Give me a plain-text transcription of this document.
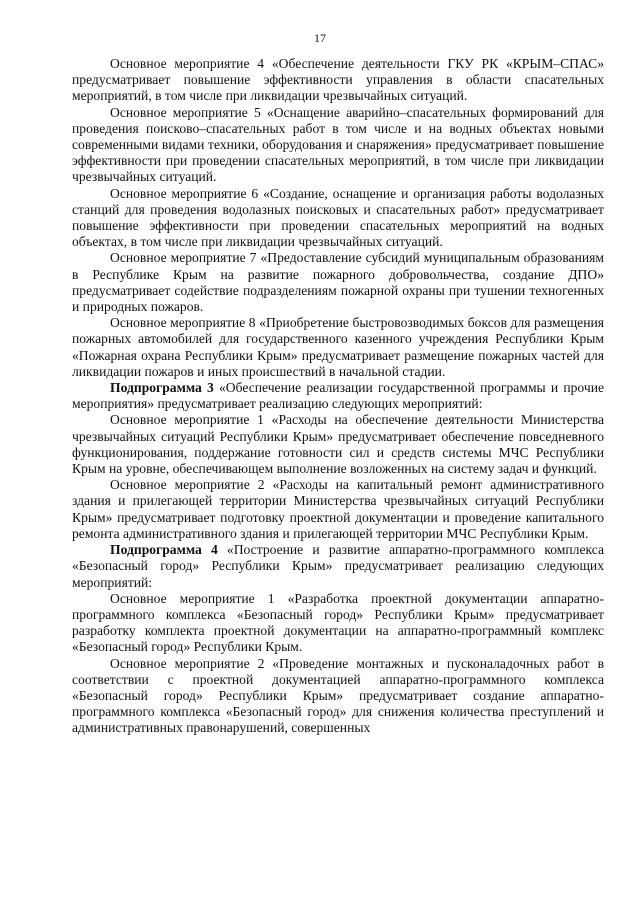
17

Основное мероприятие 4 «Обеспечение деятельности ГКУ РК «КРЫМ–СПАС» предусматривает повышение эффективности управления в области спасательных мероприятий, в том числе при ликвидации чрезвычайных ситуаций.

Основное мероприятие 5 «Оснащение аварийно–спасательных формирований для проведения поисково–спасательных работ в том числе и на водных объектах новыми современными видами техники, оборудования и снаряжения» предусматривает повышение эффективности при проведении спасательных мероприятий, в том числе при ликвидации чрезвычайных ситуаций.

Основное мероприятие 6 «Создание, оснащение и организация работы водолазных станций для проведения водолазных поисковых и спасательных работ» предусматривает повышение эффективности при проведении спасательных мероприятий на водных объектах, в том числе при ликвидации чрезвычайных ситуаций.

Основное мероприятие 7 «Предоставление субсидий муниципальным образованиям в Республике Крым на развитие пожарного добровольчества, создание ДПО» предусматривает содействие подразделениям пожарной охраны при тушении техногенных и природных пожаров.

Основное мероприятие 8 «Приобретение быстровозводимых боксов для размещения пожарных автомобилей для государственного казенного учреждения Республики Крым «Пожарная охрана Республики Крым» предусматривает размещение пожарных частей для ликвидации пожаров и иных происшествий в начальной стадии.

Подпрограмма 3 «Обеспечение реализации государственной программы и прочие мероприятия» предусматривает реализацию следующих мероприятий:

Основное мероприятие 1 «Расходы на обеспечение деятельности Министерства чрезвычайных ситуаций Республики Крым» предусматривает обеспечение повседневного функционирования, поддержание готовности сил и средств системы МЧС Республики Крым на уровне, обеспечивающем выполнение возложенных на систему задач и функций.

Основное мероприятие 2 «Расходы на капитальный ремонт административного здания и прилегающей территории Министерства чрезвычайных ситуаций Республики Крым» предусматривает подготовку проектной документации и проведение капитального ремонта административного здания и прилегающей территории МЧС Республики Крым.

Подпрограмма 4 «Построение и развитие аппаратно-программного комплекса «Безопасный город» Республики Крым» предусматривает реализацию следующих мероприятий:

Основное мероприятие 1 «Разработка проектной документации аппаратно-программного комплекса «Безопасный город» Республики Крым» предусматривает разработку комплекта проектной документации на аппаратно-программный комплекс «Безопасный город» Республики Крым.

Основное мероприятие 2 «Проведение монтажных и пусконаладочных работ в соответствии с проектной документацией аппаратно-программного комплекса «Безопасный город» Республики Крым» предусматривает создание аппаратно-программного комплекса «Безопасный город» для снижения количества преступлений и административных правонарушений, совершенных
